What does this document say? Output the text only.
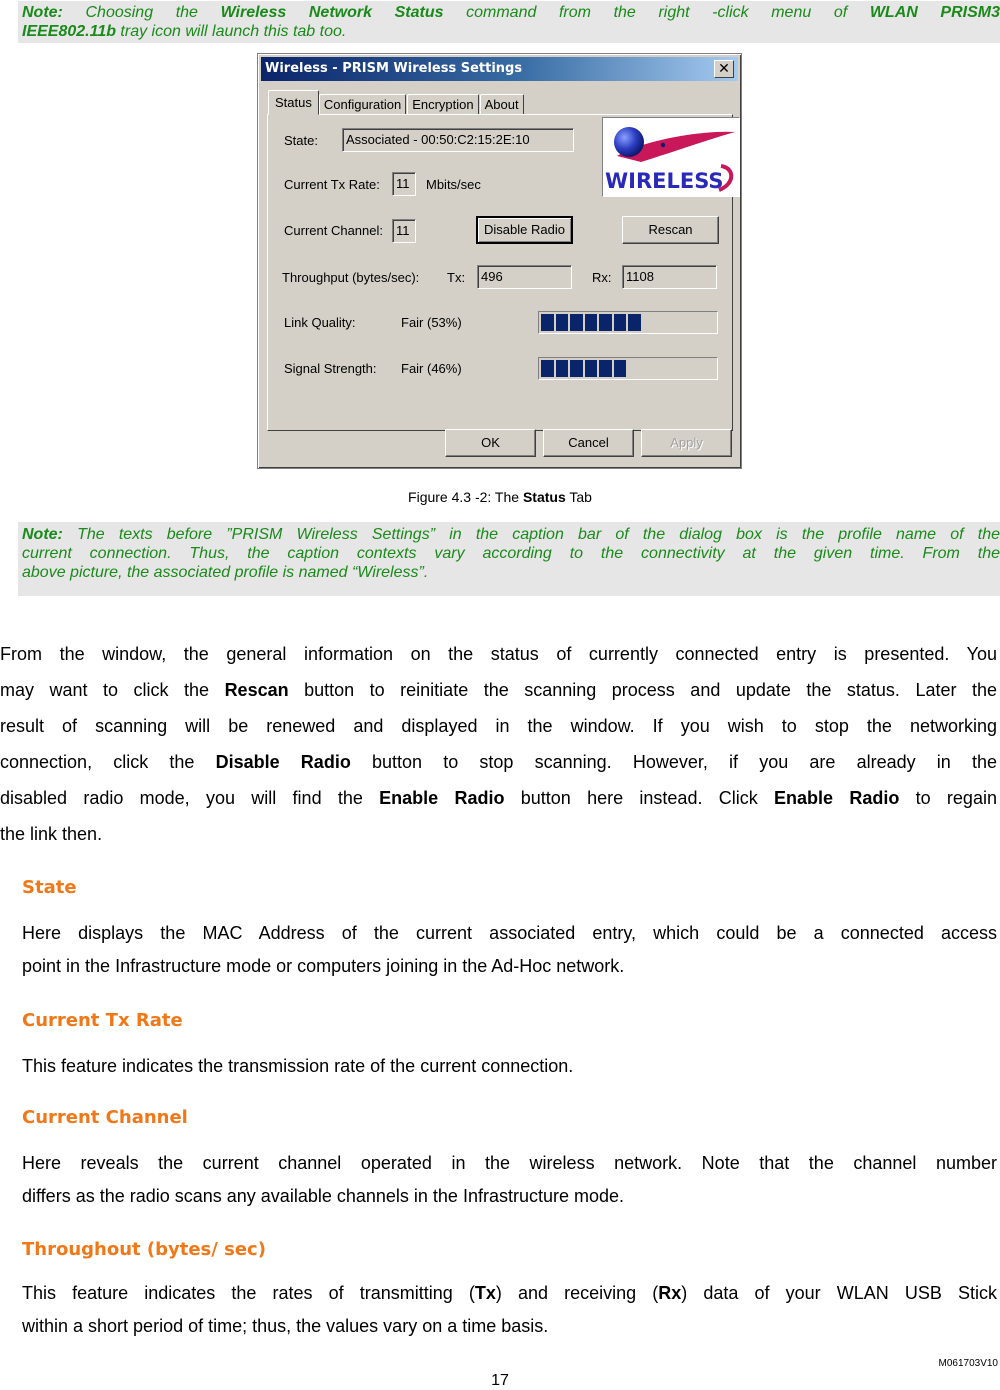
Note: Choosing the Wireless Network Status command from the right -click menu of WLAN PRISM3
IEEE802.11b tray icon will launch this tab too.
Wireless - PRISM Wireless Settings	✕
Status Configuration Encryption About
State:	Associated - 00:50:C2:15:2E:10
WIRELESS
Current Tx Rate:	11	Mbits/sec
Current Channel:	11	Disable Radio	Rescan
Throughput (bytes/sec): Tx:	496	Rx:	1108
Link Quality:	Fair (53%)
Signal Strength: Fair (46%)
OK	Cancel	Apply
Figure 4.3 -2: The Status Tab
Note: The texts before ”PRISM Wireless Settings” in the caption bar of the dialog box is the profile name of the
current connection. Thus, the caption contexts vary according to the connectivity at the given time. From the
above picture, the associated profile is named “Wireless”.
From the window, the general information on the status of currently connected entry is presented. You
may want to click the Rescan button to reinitiate the scanning process and update the status. Later the
result of scanning will be renewed and displayed in the window. If you wish to stop the networking
connection, click the Disable Radio button to stop scanning. However, if you are already in the
disabled radio mode, you will find the Enable Radio button here instead. Click Enable Radio to regain
the link then.
State
Here displays the MAC Address of the current associated entry, which could be a connected access
point in the Infrastructure mode or computers joining in the Ad-Hoc network.
Current Tx Rate
This feature indicates the transmission rate of the current connection.
Current Channel
Here reveals the current channel operated in the wireless network. Note that the channel number
differs as the radio scans any available channels in the Infrastructure mode.
Throughout (bytes/ sec)
This feature indicates the rates of transmitting (Tx) and receiving (Rx) data of your WLAN USB Stick
within a short period of time; thus, the values vary on a time basis.
M061703V10
17
